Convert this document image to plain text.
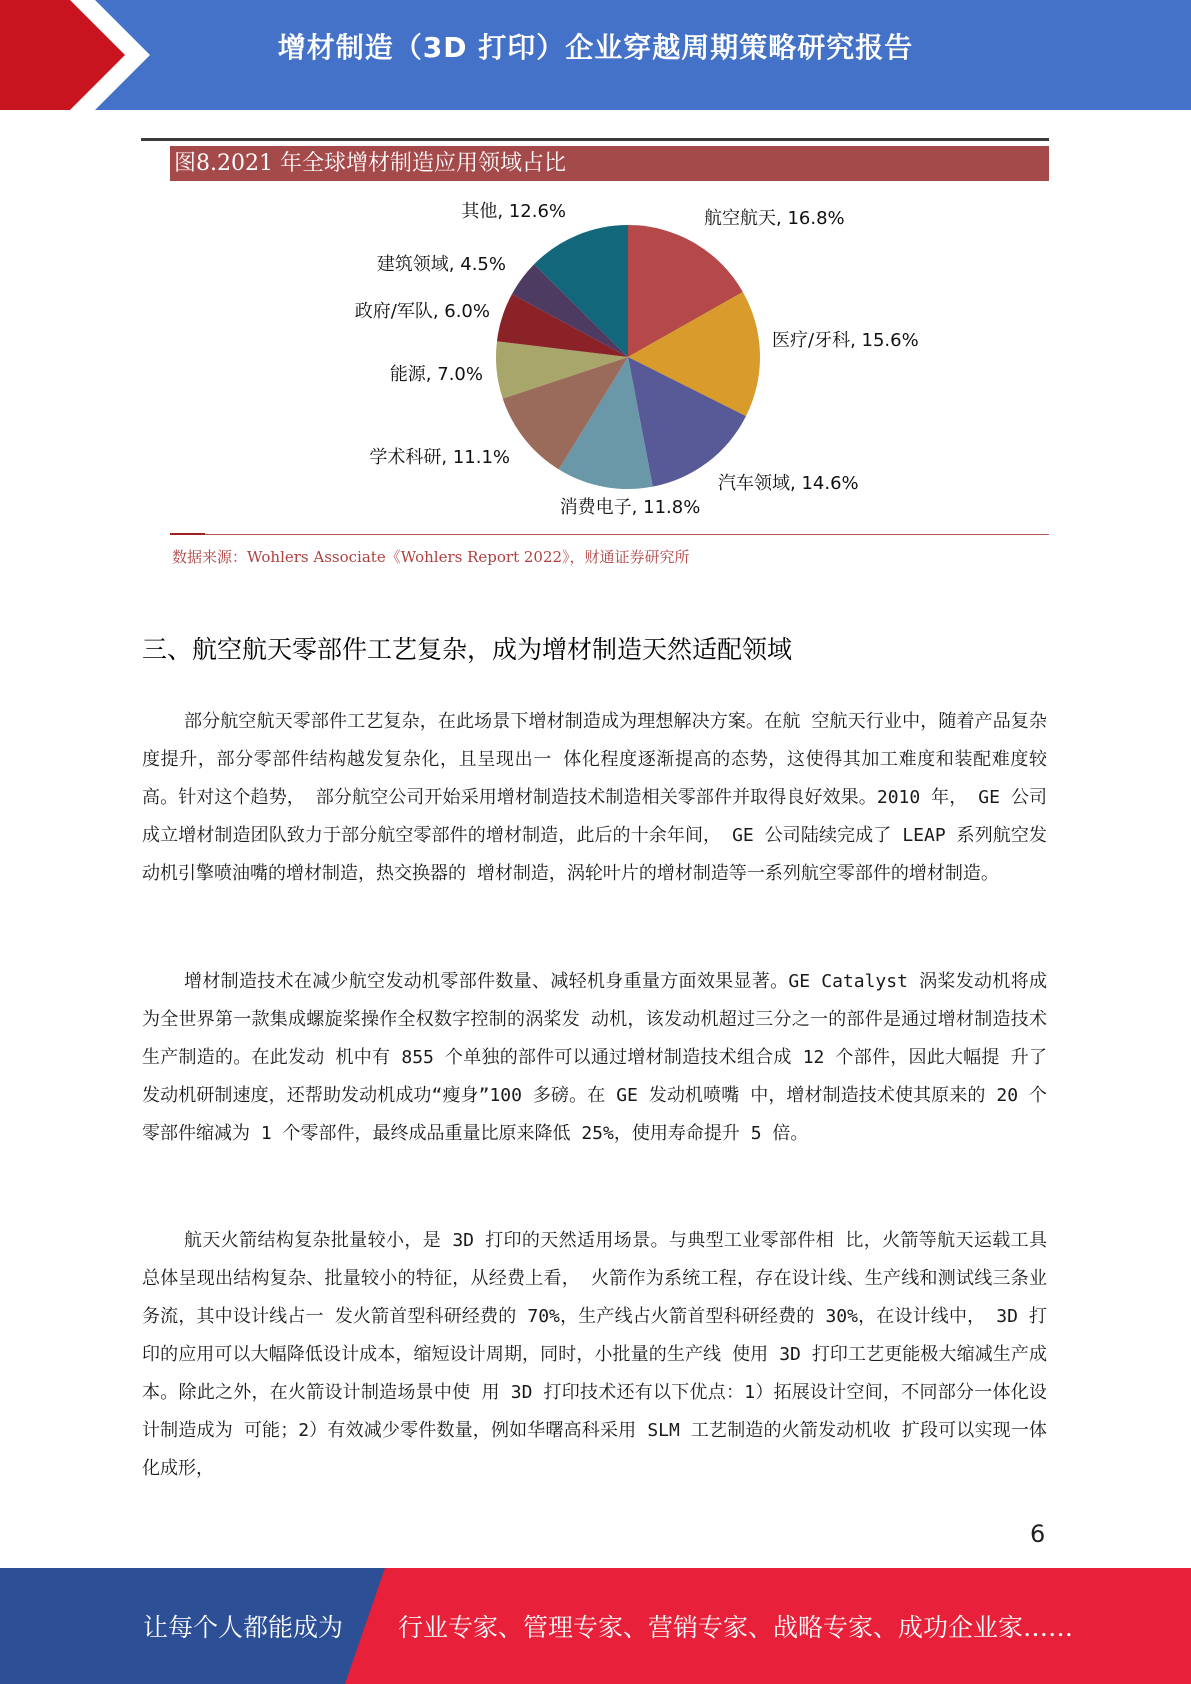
增材制造（3D 打印）企业穿越周期策略研究报告
图8.2021 年全球增材制造应用领域占比
航空航天, 16.8%
医疗/牙科, 15.6%
汽车领域, 14.6%
消费电子, 11.8%
学术科研, 11.1%
能源, 7.0%
政府/军队, 6.0%
建筑领域, 4.5%
其他, 12.6%
数据来源：Wohlers Associate《Wohlers Report 2022》，财通证券研究所
三、航空航天零部件工艺复杂，成为增材制造天然适配领域

部分航空航天零部件工艺复杂，在此场景下增材制造成为理想解决方案。在航 空航天行业中，随着产品复杂度提升，部分零部件结构越发复杂化，且呈现出一 体化程度逐渐提高的态势，这使得其加工难度和装配难度较高。针对这个趋势， 部分航空公司开始采用增材制造技术制造相关零部件并取得良好效果。2010 年， GE 公司成立增材制造团队致力于部分航空零部件的增材制造，此后的十余年间， GE 公司陆续完成了 LEAP 系列航空发动机引擎喷油嘴的增材制造，热交换器的 增材制造，涡轮叶片的增材制造等一系列航空零部件的增材制造。

增材制造技术在减少航空发动机零部件数量、减轻机身重量方面效果显著。GE Catalyst 涡桨发动机将成为全世界第一款集成螺旋桨操作全权数字控制的涡桨发 动机，该发动机超过三分之一的部件是通过增材制造技术生产制造的。在此发动 机中有 855 个单独的部件可以通过增材制造技术组合成 12 个部件，因此大幅提 升了发动机研制速度，还帮助发动机成功“瘦身”100 多磅。在 GE 发动机喷嘴 中，增材制造技术使其原来的 20 个零部件缩减为 1 个零部件，最终成品重量比原来降低 25%，使用寿命提升 5 倍。

航天火箭结构复杂批量较小，是 3D 打印的天然适用场景。与典型工业零部件相 比，火箭等航天运载工具总体呈现出结构复杂、批量较小的特征，从经费上看， 火箭作为系统工程，存在设计线、生产线和测试线三条业务流，其中设计线占一 发火箭首型科研经费的 70%，生产线占火箭首型科研经费的 30%，在设计线中， 3D 打印的应用可以大幅降低设计成本，缩短设计周期，同时，小批量的生产线 使用 3D 打印工艺更能极大缩减生产成本。除此之外，在火箭设计制造场景中使 用 3D 打印技术还有以下优点：1）拓展设计空间，不同部分一体化设计制造成为 可能；2）有效减少零件数量，例如华曙高科采用 SLM 工艺制造的火箭发动机收 扩段可以实现一体化成形，

6
让每个人都能成为 行业专家、管理专家、营销专家、战略专家、成功企业家……
